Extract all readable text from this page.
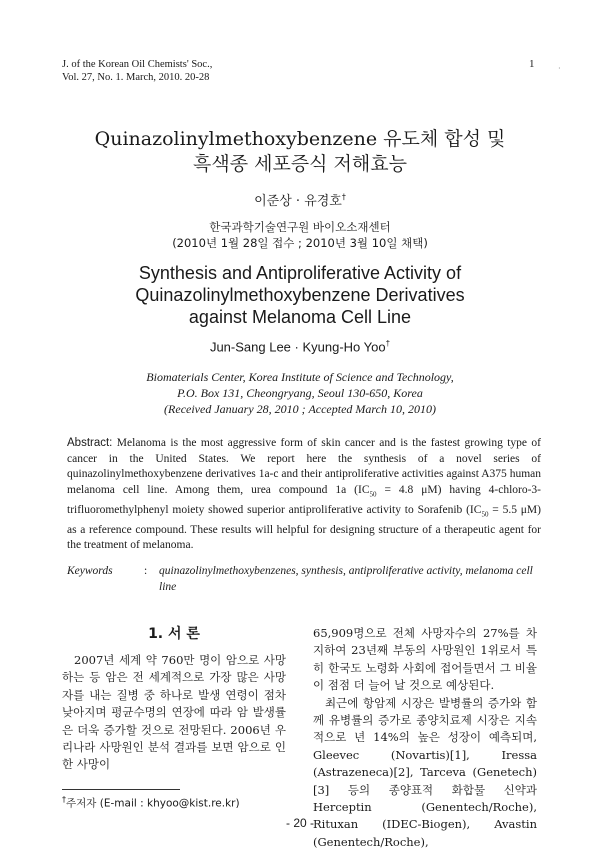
J. of the Korean Oil Chemists' Soc.,
Vol. 27, No. 1. March, 2010. 20-28
1	·
Quinazolinylmethoxybenzene 유도체 합성 및
흑색종 세포증식 저해효능
이준상 · 유경호†
한국과학기술연구원 바이오소재센터
(2010년 1월 28일 접수 ; 2010년 3월 10일 채택)
Synthesis and Antiproliferative Activity of
Quinazolinylmethoxybenzene Derivatives
against Melanoma Cell Line
Jun-Sang Lee · Kyung-Ho Yoo†
Biomaterials Center, Korea Institute of Science and Technology,
P.O. Box 131, Cheongryang, Seoul 130-650, Korea
(Received January 28, 2010 ; Accepted March 10, 2010)
Abstract: Melanoma is the most aggressive form of skin cancer and is the fastest growing type of cancer in the United States. We report here the synthesis of a novel series of quinazolinylmethoxybenzene derivatives 1a-c and their antiproliferative activities against A375 human melanoma cell line. Among them, urea compound 1a ($IC_{50} = 4.8$ μM) having 4-chloro-3-trifluoromethylphenyl moiety showed superior antiproliferative activity to Sorafenib ($IC_{50} = 5.5$ μM) as a reference compound. These results will helpful for designing structure of a therapeutic agent for the treatment of melanoma.
Keywords	: quinazolinylmethoxybenzenes, synthesis, antiproliferative activity, melanoma cell line
1. 서 론
2007년 세계 약 760만 명이 암으로 사망하는 등 암은 전 세계적으로 가장 많은 사망자를 내는 질병 중 하나로 발생 연령이 점차 낮아지며 평균수명의 연장에 따라 암 발생률은 더욱 증가할 것으로 전망된다. 2006년 우리나라 사망원인 분석 결과를 보면 암으로 인한 사망이
65,909명으로 전체 사망자수의 27%를 차지하여 23년째 부동의 사망원인 1위로서 특히 한국도 노령화 사회에 접어들면서 그 비율이 점점 더 늘어 날 것으로 예상된다.
최근에 항암제 시장은 발병률의 증가와 함께 유병률의 증가로 종양치료제 시장은 지속적으로 년 14%의 높은 성장이 예측되며, Gleevec (Novartis)[1], Iressa (Astrazeneca)[2], Tarceva (Genetech)[3] 등의 종양표적 화합물 신약과 Herceptin (Genentech/Roche), Rituxan (IDEC-Biogen), Avastin (Genentech/Roche),
†주저자 (E-mail : khyoo@kist.re.kr)
- 20 -
